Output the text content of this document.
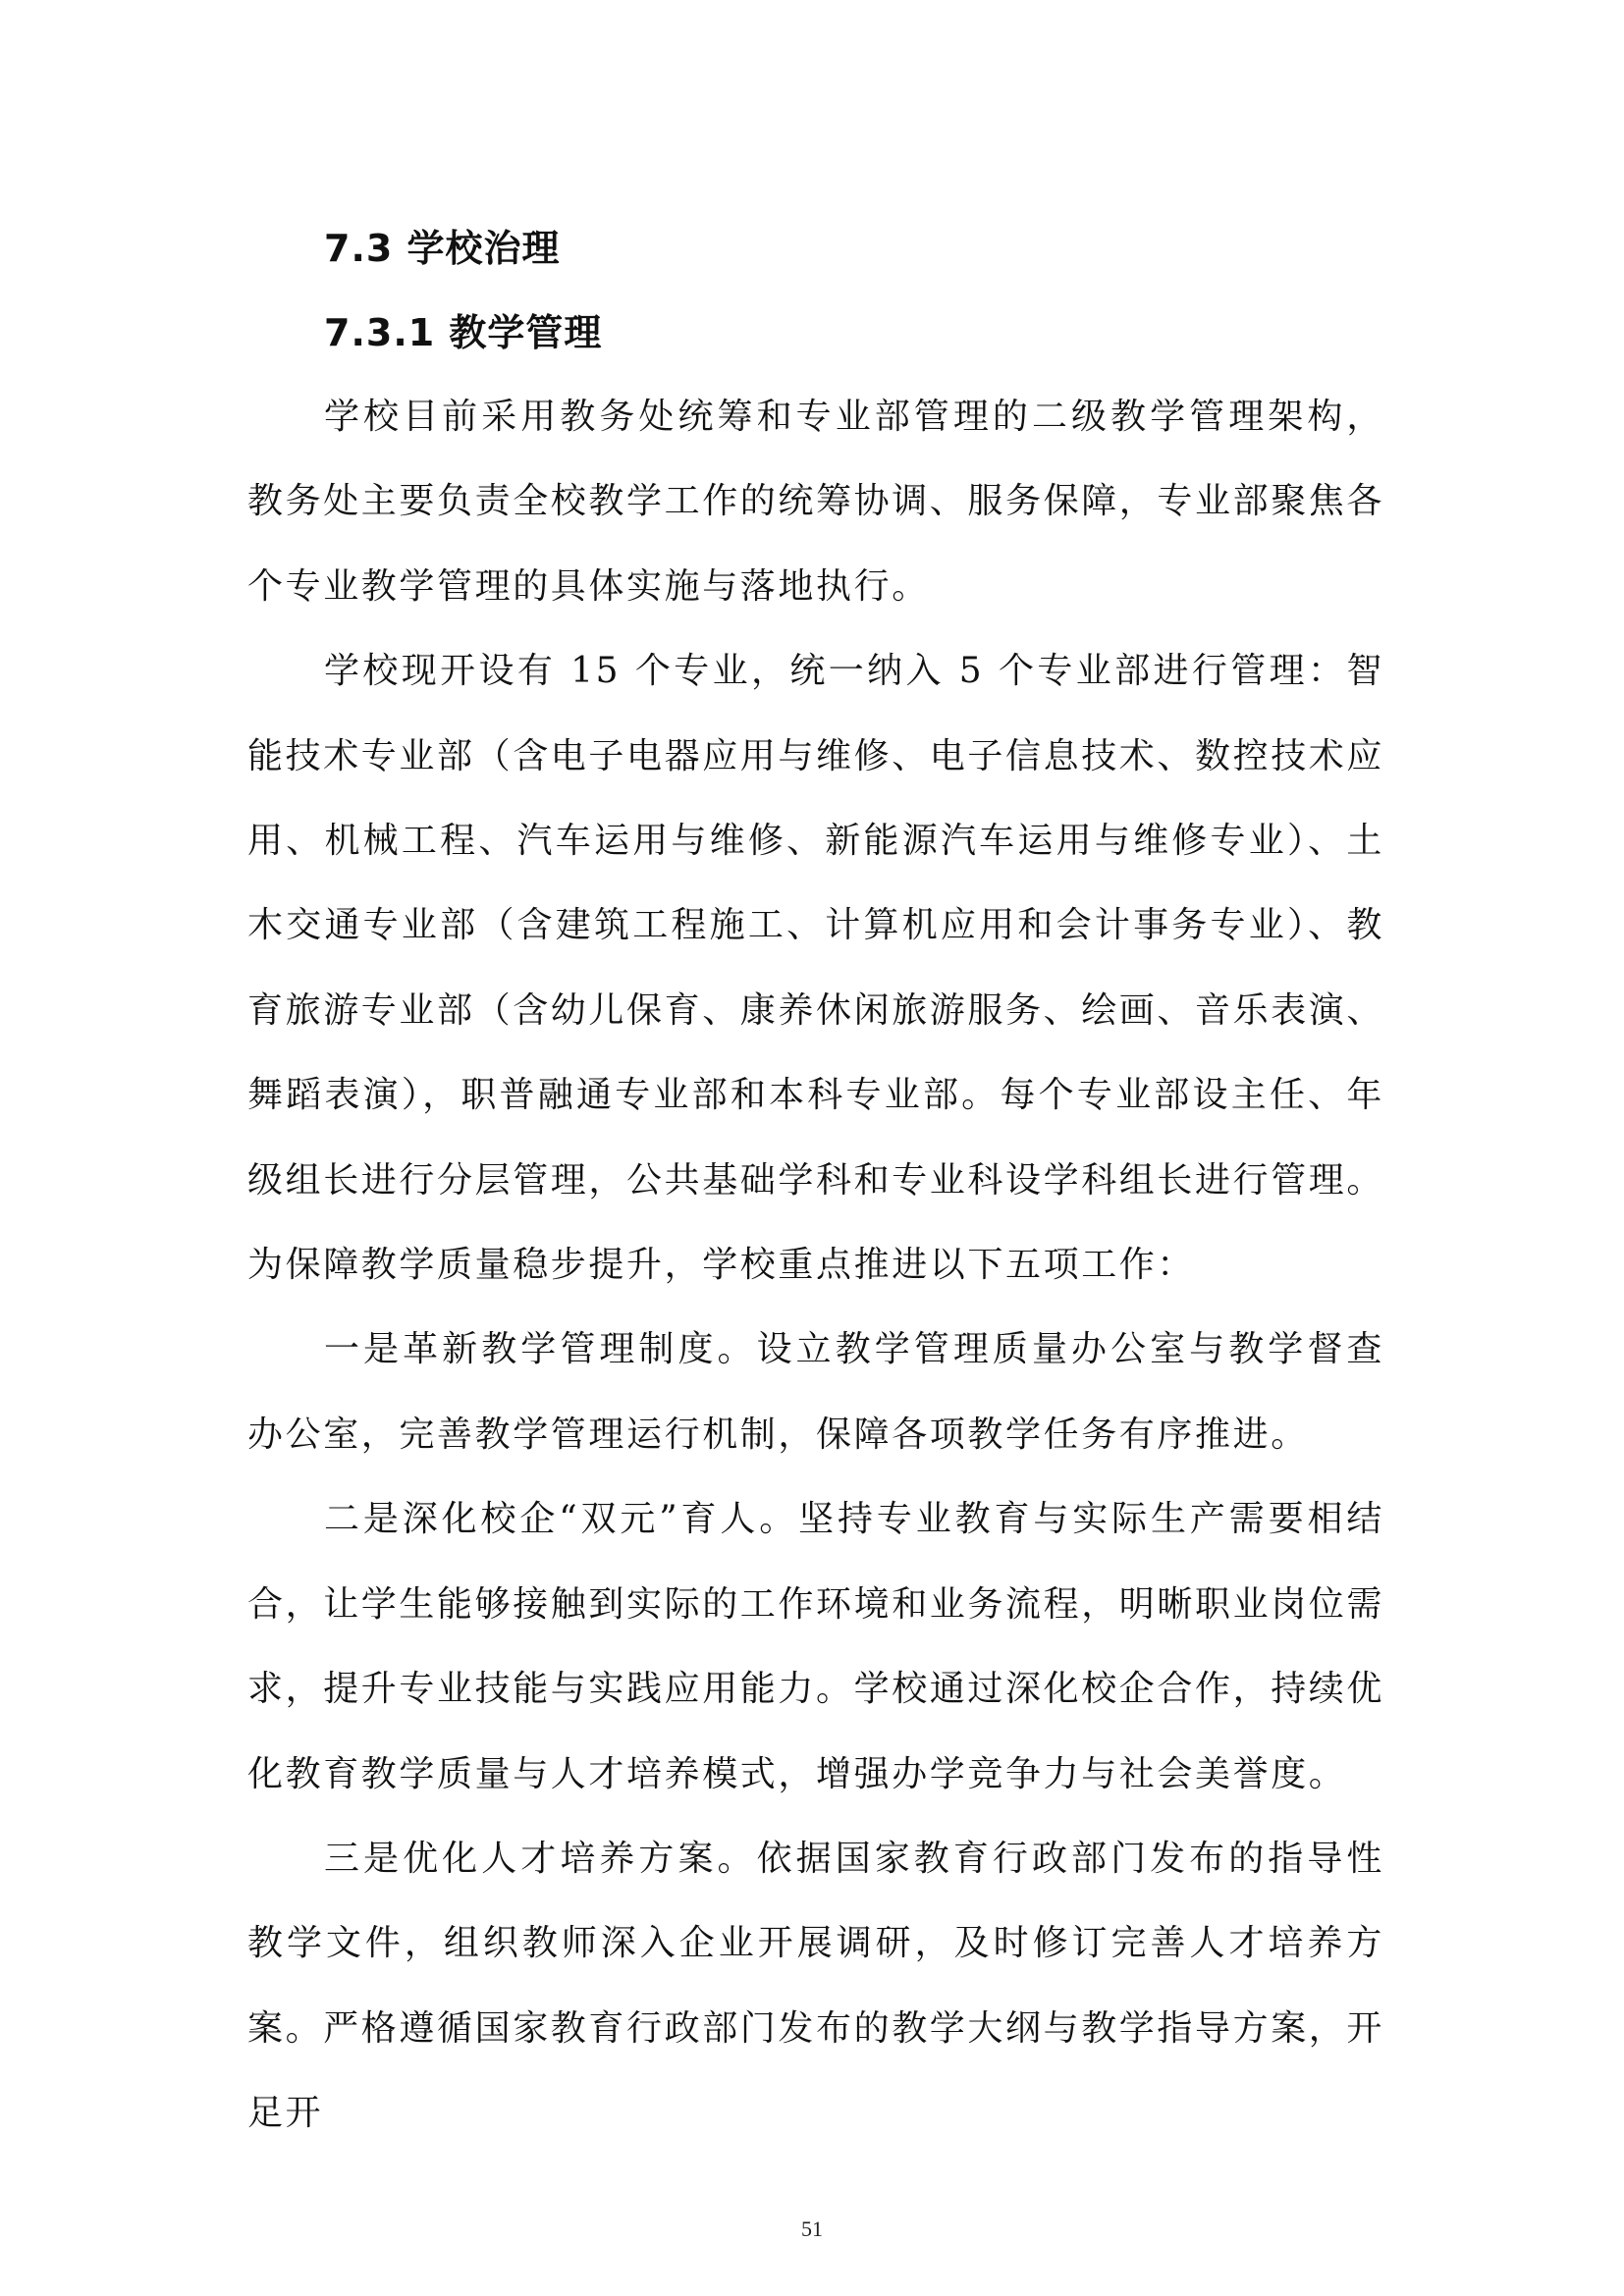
7.3 学校治理
7.3.1 教学管理

学校目前采用教务处统筹和专业部管理的二级教学管理架构，教务处主要负责全校教学工作的统筹协调、服务保障，专业部聚焦各个专业教学管理的具体实施与落地执行。

学校现开设有 15 个专业，统一纳入 5 个专业部进行管理：智能技术专业部（含电子电器应用与维修、电子信息技术、数控技术应用、机械工程、汽车运用与维修、新能源汽车运用与维修专业）、土木交通专业部（含建筑工程施工、计算机应用和会计事务专业）、教育旅游专业部（含幼儿保育、康养休闲旅游服务、绘画、音乐表演、舞蹈表演），职普融通专业部和本科专业部。每个专业部设主任、年级组长进行分层管理，公共基础学科和专业科设学科组长进行管理。为保障教学质量稳步提升，学校重点推进以下五项工作：

一是革新教学管理制度。设立教学管理质量办公室与教学督查办公室，完善教学管理运行机制，保障各项教学任务有序推进。

二是深化校企“双元”育人。坚持专业教育与实际生产需要相结合，让学生能够接触到实际的工作环境和业务流程，明晰职业岗位需求，提升专业技能与实践应用能力。学校通过深化校企合作，持续优化教育教学质量与人才培养模式，增强办学竞争力与社会美誉度。

三是优化人才培养方案。依据国家教育行政部门发布的指导性教学文件，组织教师深入企业开展调研，及时修订完善人才培养方案。严格遵循国家教育行政部门发布的教学大纲与教学指导方案，开足开

51
